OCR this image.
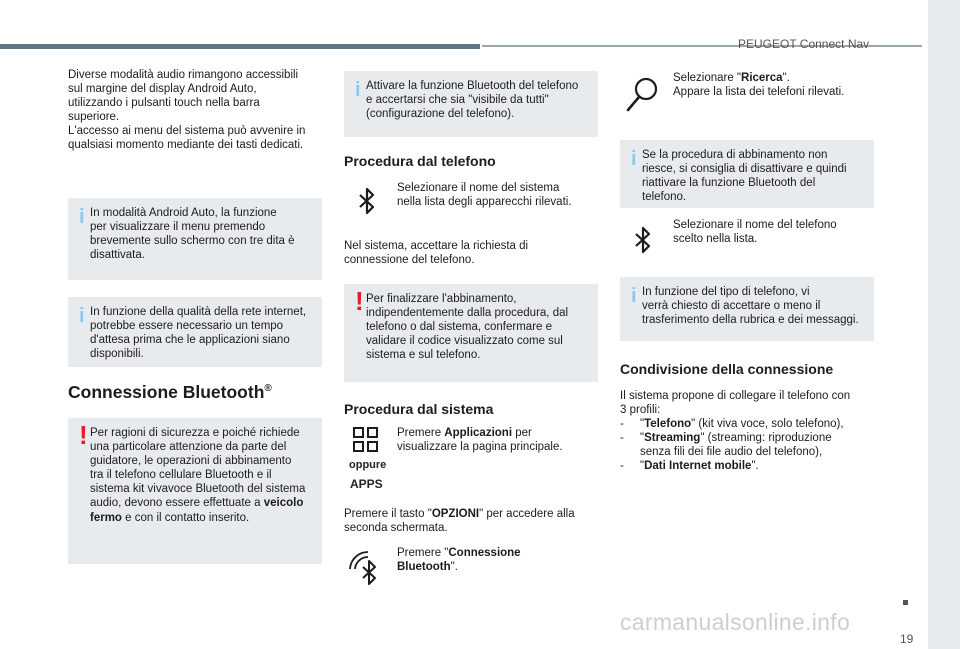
PEUGEOT Connect Nav
Diverse modalità audio rimangono accessibili
sul margine del display Android Auto,
utilizzando i pulsanti touch nella barra
superiore.
L'accesso ai menu del sistema può avvenire in
qualsiasi momento mediante dei tasti dedicati.
i In modalità Android Auto, la funzione
per visualizzare il menu premendo
brevemente sullo schermo con tre dita è
disattivata.
i In funzione della qualità della rete internet,
potrebbe essere necessario un tempo
d'attesa prima che le applicazioni siano
disponibili.
Connessione Bluetooth®
! Per ragioni di sicurezza e poiché richiede
una particolare attenzione da parte del
guidatore, le operazioni di abbinamento
tra il telefono cellulare Bluetooth e il
sistema kit vivavoce Bluetooth del sistema
audio, devono essere effettuate a veicolo
fermo e con il contatto inserito.
i Attivare la funzione Bluetooth del telefono
e accertarsi che sia "visibile da tutti"
(configurazione del telefono).
Procedura dal telefono
Selezionare il nome del sistema
nella lista degli apparecchi rilevati.
Nel sistema, accettare la richiesta di
connessione del telefono.
! Per finalizzare l'abbinamento,
indipendentemente dalla procedura, dal
telefono o dal sistema, confermare e
validare il codice visualizzato come sul
sistema e sul telefono.
Procedura dal sistema
oppure
APPS
Premere Applicazioni per
visualizzare la pagina principale.
Premere il tasto "OPZIONI" per accedere alla
seconda schermata.
Premere "Connessione
Bluetooth".
Selezionare "Ricerca".
Appare la lista dei telefoni rilevati.
i Se la procedura di abbinamento non
riesce, si consiglia di disattivare e quindi
riattivare la funzione Bluetooth del
telefono.
Selezionare il nome del telefono
scelto nella lista.
i In funzione del tipo di telefono, vi
verrà chiesto di accettare o meno il
trasferimento della rubrica e dei messaggi.
Condivisione della connessione
Il sistema propone di collegare il telefono con
3 profili:
- "Telefono" (kit viva voce, solo telefono),
- "Streaming" (streaming: riproduzione
senza fili dei file audio del telefono),
- "Dati Internet mobile".
carmanualsonline.info
19
